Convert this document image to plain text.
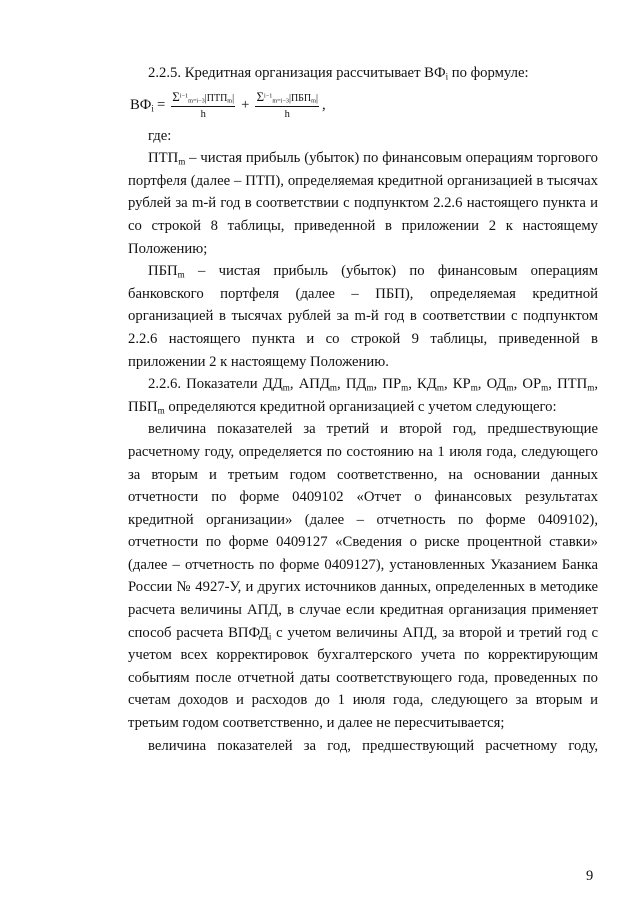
2.2.5. Кредитная организация рассчитывает $ВФ_i$ по формуле:

$ВФ_i = \frac{\Sigma^{i-1}_{m=i-3}|ПТП_m|}{h} + \frac{\Sigma^{i-1}_{m=i-3}|ПБП_m|}{h}$ ,

где:

$ПТП_m$ – чистая прибыль (убыток) по финансовым операциям торгового портфеля (далее – ПТП), определяемая кредитной организацией в тысячах рублей за m-й год в соответствии с подпунктом 2.2.6 настоящего пункта и со строкой 8 таблицы, приведенной в приложении 2 к настоящему Положению;

$ПБП_m$ – чистая прибыль (убыток) по финансовым операциям банковского портфеля (далее – ПБП), определяемая кредитной организацией в тысячах рублей за m-й год в соответствии с подпунктом 2.2.6 настоящего пункта и со строкой 9 таблицы, приведенной в приложении 2 к настоящему Положению.

2.2.6. Показатели $ДД_m$, $АПД_m$, $ПД_m$, $ПР_m$, $КД_m$, $КР_m$, $ОД_m$, $ОР_m$, $ПТП_m$, $ПБП_m$ определяются кредитной организацией с учетом следующего:

величина показателей за третий и второй год, предшествующие расчетному году, определяется по состоянию на 1 июля года, следующего за вторым и третьим годом соответственно, на основании данных отчетности по форме 0409102 «Отчет о финансовых результатах кредитной организации» (далее – отчетность по форме 0409102), отчетности по форме 0409127 «Сведения о риске процентной ставки» (далее – отчетность по форме 0409127), установленных Указанием Банка России № 4927-У, и других источников данных, определенных в методике расчета величины АПД, в случае если кредитная организация применяет способ расчета $ВПФД_i$ с учетом величины АПД, за второй и третий год с учетом всех корректировок бухгалтерского учета по корректирующим событиям после отчетной даты соответствующего года, проведенных по счетам доходов и расходов до 1 июля года, следующего за вторым и третьим годом соответственно, и далее не пересчитывается;

величина показателей за год, предшествующий расчетному году,

9
